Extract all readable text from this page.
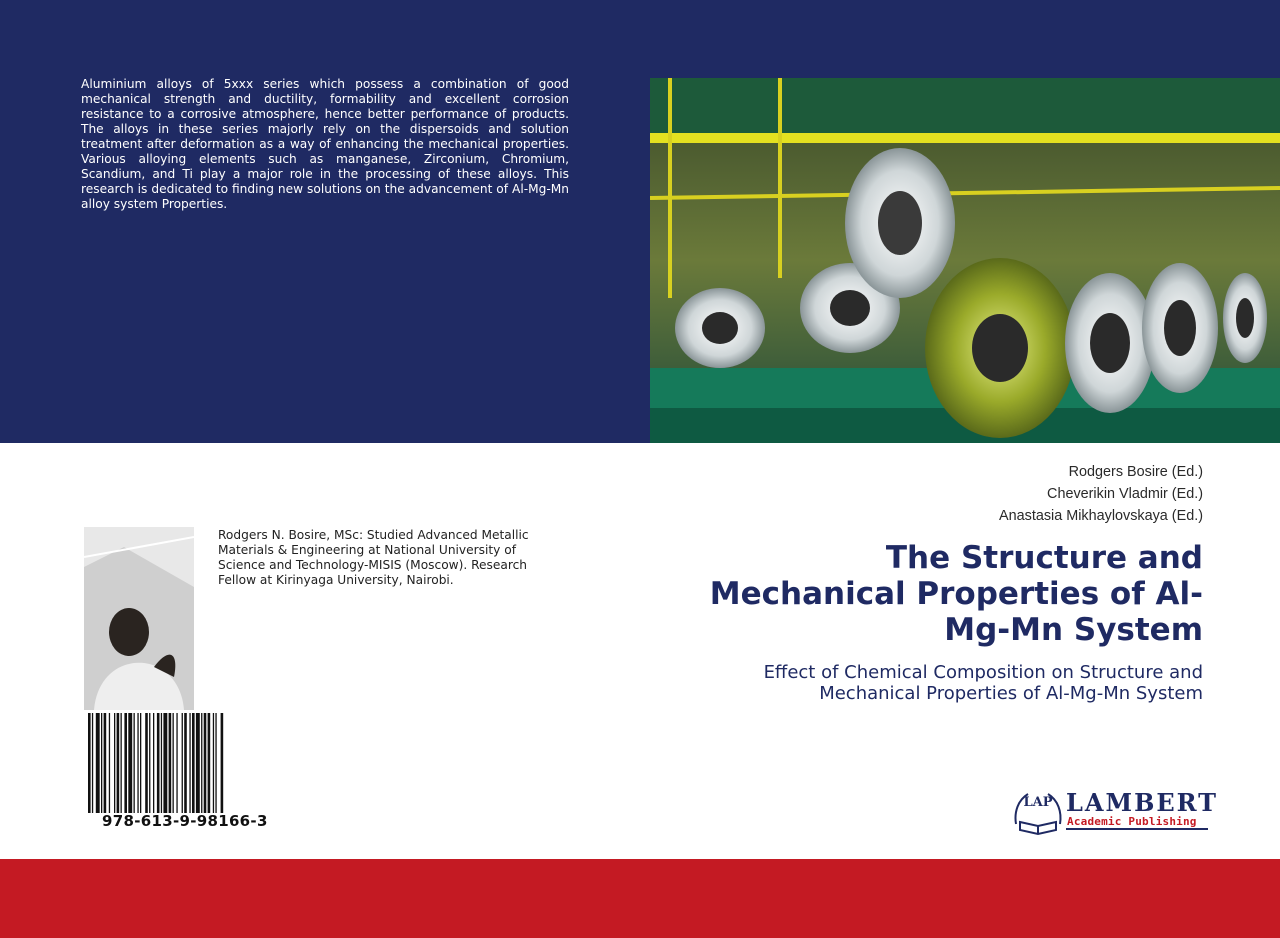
Aluminium alloys of 5xxx series which possess a combination of good mechanical strength and ductility, formability and excellent corrosion resistance to a corrosive atmosphere, hence better performance of products. The alloys in these series majorly rely on the dispersoids and solution treatment after deformation as a way of enhancing the mechanical properties. Various alloying elements such as manganese, Zirconium, Chromium, Scandium, and Ti play a major role in the processing of these alloys. This research is dedicated to finding new solutions on the advancement of Al-Mg-Mn alloy system Properties.

Rodgers Bosire (Ed.)
Cheverikin Vladmir (Ed.)
Anastasia Mikhaylovskaya (Ed.)
The Structure and Mechanical Properties of Al-Mg-Mn System

Effect of Chemical Composition on Structure and Mechanical Properties of Al-Mg-Mn System

Rodgers N. Bosire, MSc: Studied Advanced Metallic Materials & Engineering at National University of Science and Technology-MISIS (Moscow). Research Fellow at Kirinyaga University, Nairobi.

978-613-9-98166-3
LAP LAMBERT
Academic Publishing
